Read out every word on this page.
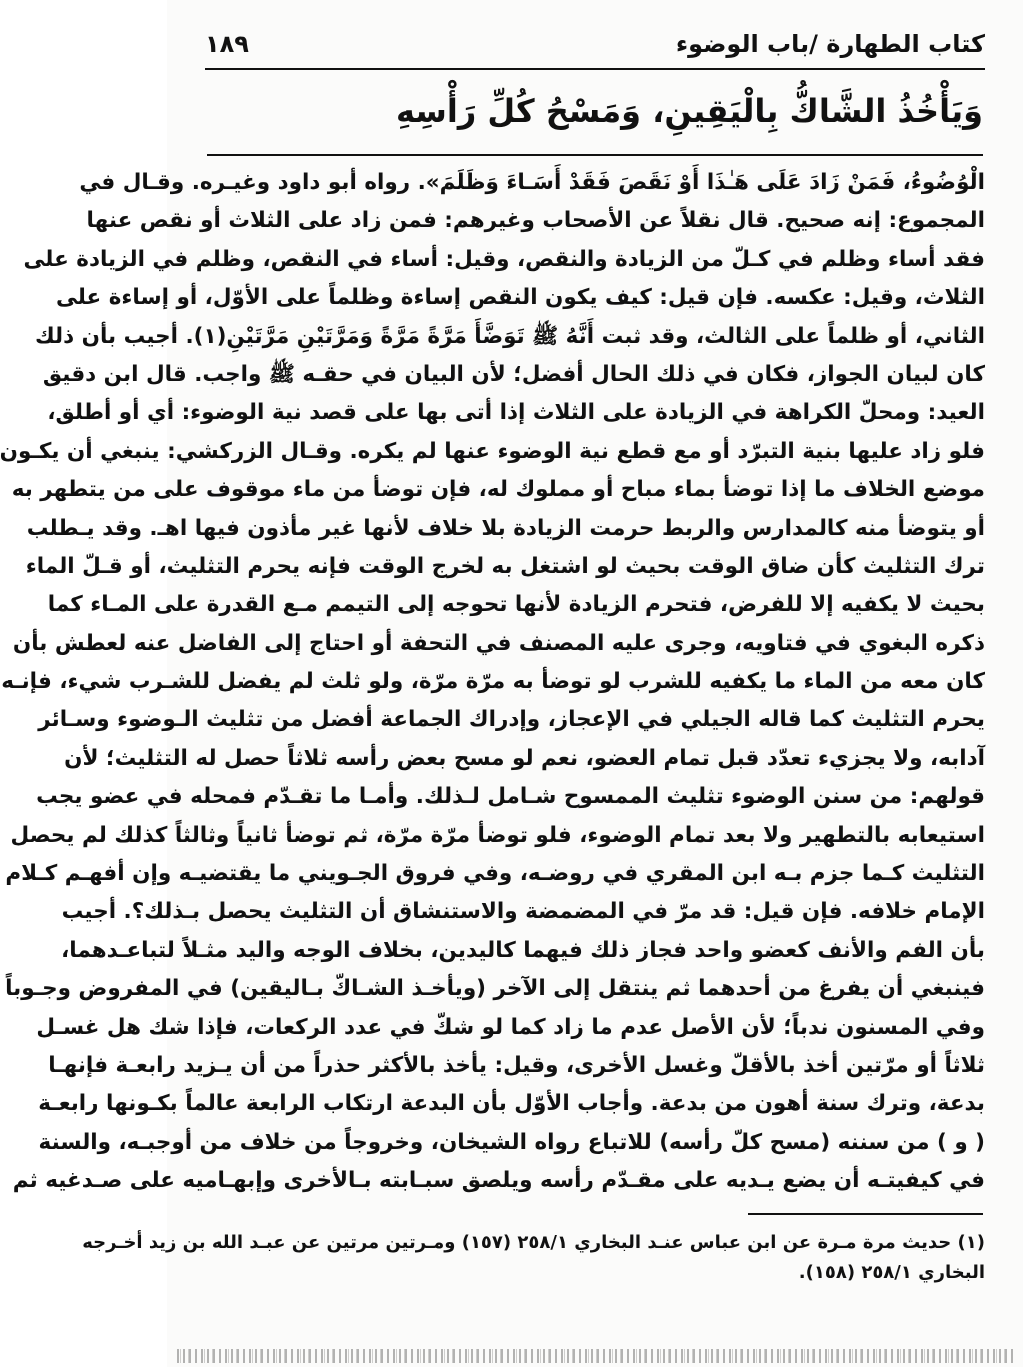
كتاب الطهارة /باب الوضوء
١٨٩
وَيَأْخُذُ الشَّاكُّ بِالْيَقِينِ، وَمَسْحُ كُلِّ رَأْسِهِ
الْوُضُوءُ، فَمَنْ زَادَ عَلَى هَـٰذَا أَوْ نَقَصَ فَقَدْ أَسَـاءَ وَظَلَمَ». رواه أبو داود وغيـره. وقـال في
المجموع: إنه صحيح. قال نقلاً عن الأصحاب وغيرهم: فمن زاد على الثلاث أو نقص عنها
فقد أساء وظلم في كـلّ من الزيادة والنقص، وقيل: أساء في النقص، وظلم في الزيادة على
الثلاث، وقيل: عكسه. فإن قيل: كيف يكون النقص إساءة وظلماً على الأوّل، أو إساءة على
الثاني، أو ظلماً على الثالث، وقد ثبت أَنَّهُ ﷺ تَوَضَّأَ مَرَّةً مَرَّةً وَمَرَّتَيْنِ مَرَّتَيْنِ(١). أجيب بأن ذلك
كان لبيان الجواز، فكان في ذلك الحال أفضل؛ لأن البيان في حقـه ﷺ واجب. قال ابن دقيق
العيد: ومحلّ الكراهة في الزيادة على الثلاث إذا أتى بها على قصد نية الوضوء: أي أو أطلق،
فلو زاد عليها بنية التبرّد أو مع قطع نية الوضوء عنها لم يكره. وقـال الزركشي: ينبغي أن يكـون
موضع الخلاف ما إذا توضأ بماء مباح أو مملوك له، فإن توضأ من ماء موقوف على من يتطهر به
أو يتوضأ منه كالمدارس والربط حرمت الزيادة بلا خلاف لأنها غير مأذون فيها اهـ. وقد يـطلب
ترك التثليث كأن ضاق الوقت بحيث لو اشتغل به لخرج الوقت فإنه يحرم التثليث، أو قـلّ الماء
بحيث لا يكفيه إلا للفرض، فتحرم الزيادة لأنها تحوجه إلى التيمم مـع القدرة على المـاء كما
ذكره البغوي في فتاويه، وجرى عليه المصنف في التحفة أو احتاج إلى الفاضل عنه لعطش بأن
كان معه من الماء ما يكفيه للشرب لو توضأ به مرّة مرّة، ولو ثلث لم يفضل للشـرب شيء، فإنـه
يحرم التثليث كما قاله الجيلي في الإعجاز، وإدراك الجماعة أفضل من تثليث الـوضوء وسـائر
آدابه، ولا يجزيء تعدّد قبل تمام العضو، نعم لو مسح بعض رأسه ثلاثاً حصل له التثليث؛ لأن
قولهم: من سنن الوضوء تثليث الممسوح شـامل لـذلك. وأمـا ما تقـدّم فمحله في عضو يجب
استيعابه بالتطهير ولا بعد تمام الوضوء، فلو توضأ مرّة مرّة، ثم توضأ ثانياً وثالثاً كذلك لم يحصل
التثليث كـما جزم بـه ابن المقري في روضـه، وفي فروق الجـويني ما يقتضيـه وإن أفهـم كـلام
الإمام خلافه. فإن قيل: قد مرّ في المضمضة والاستنشاق أن التثليث يحصل بـذلك؟. أجيب
بأن الفم والأنف كعضو واحد فجاز ذلك فيهما كاليدين، بخلاف الوجه واليد مثـلاً لتباعـدهما،
فينبغي أن يفرغ من أحدهما ثم ينتقل إلى الآخر (ويأخـذ الشـاكّ بـاليقين) في المفروض وجـوباً
وفي المسنون ندباً؛ لأن الأصل عدم ما زاد كما لو شكّ في عدد الركعات، فإذا شك هل غسـل
ثلاثاً أو مرّتين أخذ بالأقلّ وغسل الأخرى، وقيل: يأخذ بالأكثر حذراً من أن يـزيد رابعـة فإنهـا
بدعة، وترك سنة أهون من بدعة. وأجاب الأوّل بأن البدعة ارتكاب الرابعة عالماً بكـونها رابعـة
( و ) من سننه (مسح كلّ رأسه) للاتباع رواه الشيخان، وخروجاً من خلاف من أوجبـه، والسنة
في كيفيتـه أن يضع يـديه على مقـدّم رأسه ويلصق سبـابته بـالأخرى وإبهـاميه على صـدغيه ثم
(١) حديث مرة مـرة عن ابن عباس عنـد البخاري ٢٥٨/١ (١٥٧) ومـرتين مرتين عن عبـد الله بن زيد أخـرجه
البخاري ٢٥٨/١ (١٥٨).
